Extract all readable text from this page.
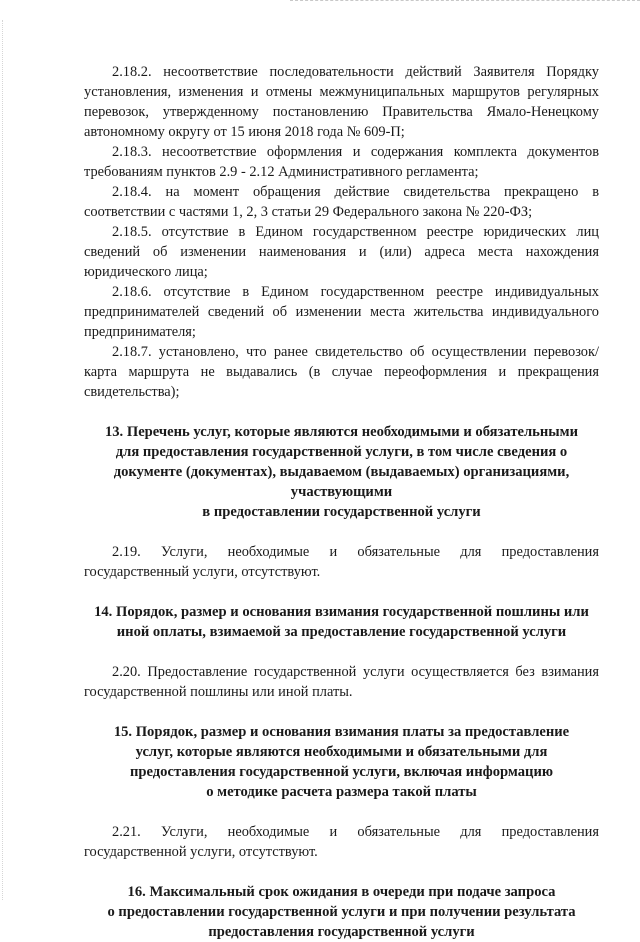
2.18.2. несоответствие последовательности действий Заявителя Порядку установления, изменения и отмены межмуниципальных маршрутов регулярных перевозок, утвержденному постановлению Правительства Ямало-Ненецкому автономному округу от 15 июня 2018 года № 609-П;

2.18.3. несоответствие оформления и содержания комплекта документов требованиям пунктов 2.9 - 2.12 Административного регламента;

2.18.4. на момент обращения действие свидетельства прекращено в соответствии с частями 1, 2, 3 статьи 29 Федерального закона № 220-ФЗ;

2.18.5. отсутствие в Едином государственном реестре юридических лиц сведений об изменении наименования и (или) адреса места нахождения юридического лица;

2.18.6. отсутствие в Едином государственном реестре индивидуальных предпринимателей сведений об изменении места жительства индивидуального предпринимателя;

2.18.7. установлено, что ранее свидетельство об осуществлении перевозок/карта маршрута не выдавались (в случае переоформления и прекращения свидетельства);

13. Перечень услуг, которые являются необходимыми и обязательными
для предоставления государственной услуги, в том числе сведения о
документе (документах), выдаваемом (выдаваемых) организациями,
участвующими
в предоставлении государственной услуги

2.19. Услуги, необходимые и обязательные для предоставления государственный услуги, отсутствуют.

14. Порядок, размер и основания взимания государственной пошлины или
иной оплаты, взимаемой за предоставление государственной услуги

2.20. Предоставление государственной услуги осуществляется без взимания государственной пошлины или иной платы.

15. Порядок, размер и основания взимания платы за предоставление
услуг, которые являются необходимыми и обязательными для
предоставления государственной услуги, включая информацию
о методике расчета размера такой платы

2.21. Услуги, необходимые и обязательные для предоставления государственной услуги, отсутствуют.

16. Максимальный срок ожидания в очереди при подаче запроса
о предоставлении государственной услуги и при получении результата
предоставления государственной услуги
